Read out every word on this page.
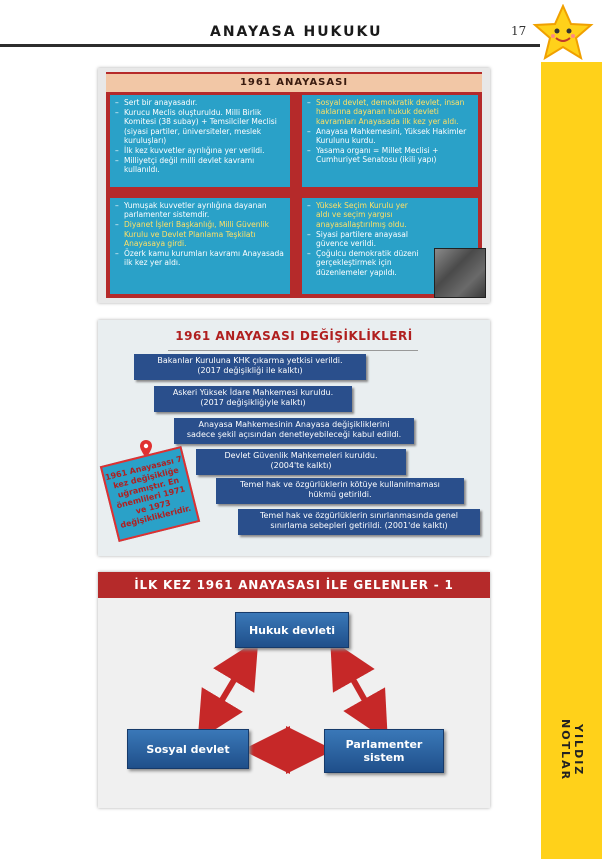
ANAYASA HUKUKU	17
YILDIZ NOTLAR
1961 ANAYASASI
– Sert bir anayasadır.
– Kurucu Meclis oluşturuldu. Milli Birlik Komitesi (38 subay) + Temsilciler Meclisi (siyasi partiler, üniversiteler, meslek kuruluşları)
– İlk kez kuvvetler ayrılığına yer verildi.
– Milliyetçi değil milli devlet kavramı kullanıldı.
– Sosyal devlet, demokratik devlet, insan haklarına dayanan hukuk devleti kavramları Anayasada ilk kez yer aldı.
– Anayasa Mahkemesini, Yüksek Hakimler Kurulunu kurdu.
– Yasama organı = Millet Meclisi + Cumhuriyet Senatosu (ikili yapı)
– Yumuşak kuvvetler ayrılığına dayanan parlamenter sistemdir.
– Diyanet İşleri Başkanlığı, Milli Güvenlik Kurulu ve Devlet Planlama Teşkilatı Anayasaya girdi.
– Özerk kamu kurumları kavramı Anayasada ilk kez yer aldı.
– Yüksek Seçim Kurulu yer aldı ve seçim yargısı anayasallaştırılmış oldu.
– Siyasi partilere anayasal güvence verildi.
– Çoğulcu demokratik düzeni gerçekleştirmek için düzenlemeler yapıldı.
1961 ANAYASASI DEĞİŞİKLİKLERİ
Bakanlar Kuruluna KHK çıkarma yetkisi verildi.
(2017 değişikliği ile kalktı)
Askeri Yüksek İdare Mahkemesi kuruldu.
(2017 değişikliğiyle kalktı)
Anayasa Mahkemesinin Anayasa değişikliklerini
sadece şekil açısından denetleyebileceği kabul edildi.
Devlet Güvenlik Mahkemeleri kuruldu.
(2004'te kalktı)
Temel hak ve özgürlüklerin kötüye kullanılmaması
hükmü getirildi.
Temel hak ve özgürlüklerin sınırlanmasında genel
sınırlama sebepleri getirildi. (2001'de kalktı)
1961 Anayasası 7 kez değişikliğe uğramıştır. En önemlileri 1971 ve 1973 değişiklikleridir.
İLK KEZ 1961 ANAYASASI İLE GELENLER - 1
Hukuk devleti
Sosyal devlet	Parlamenter sistem
